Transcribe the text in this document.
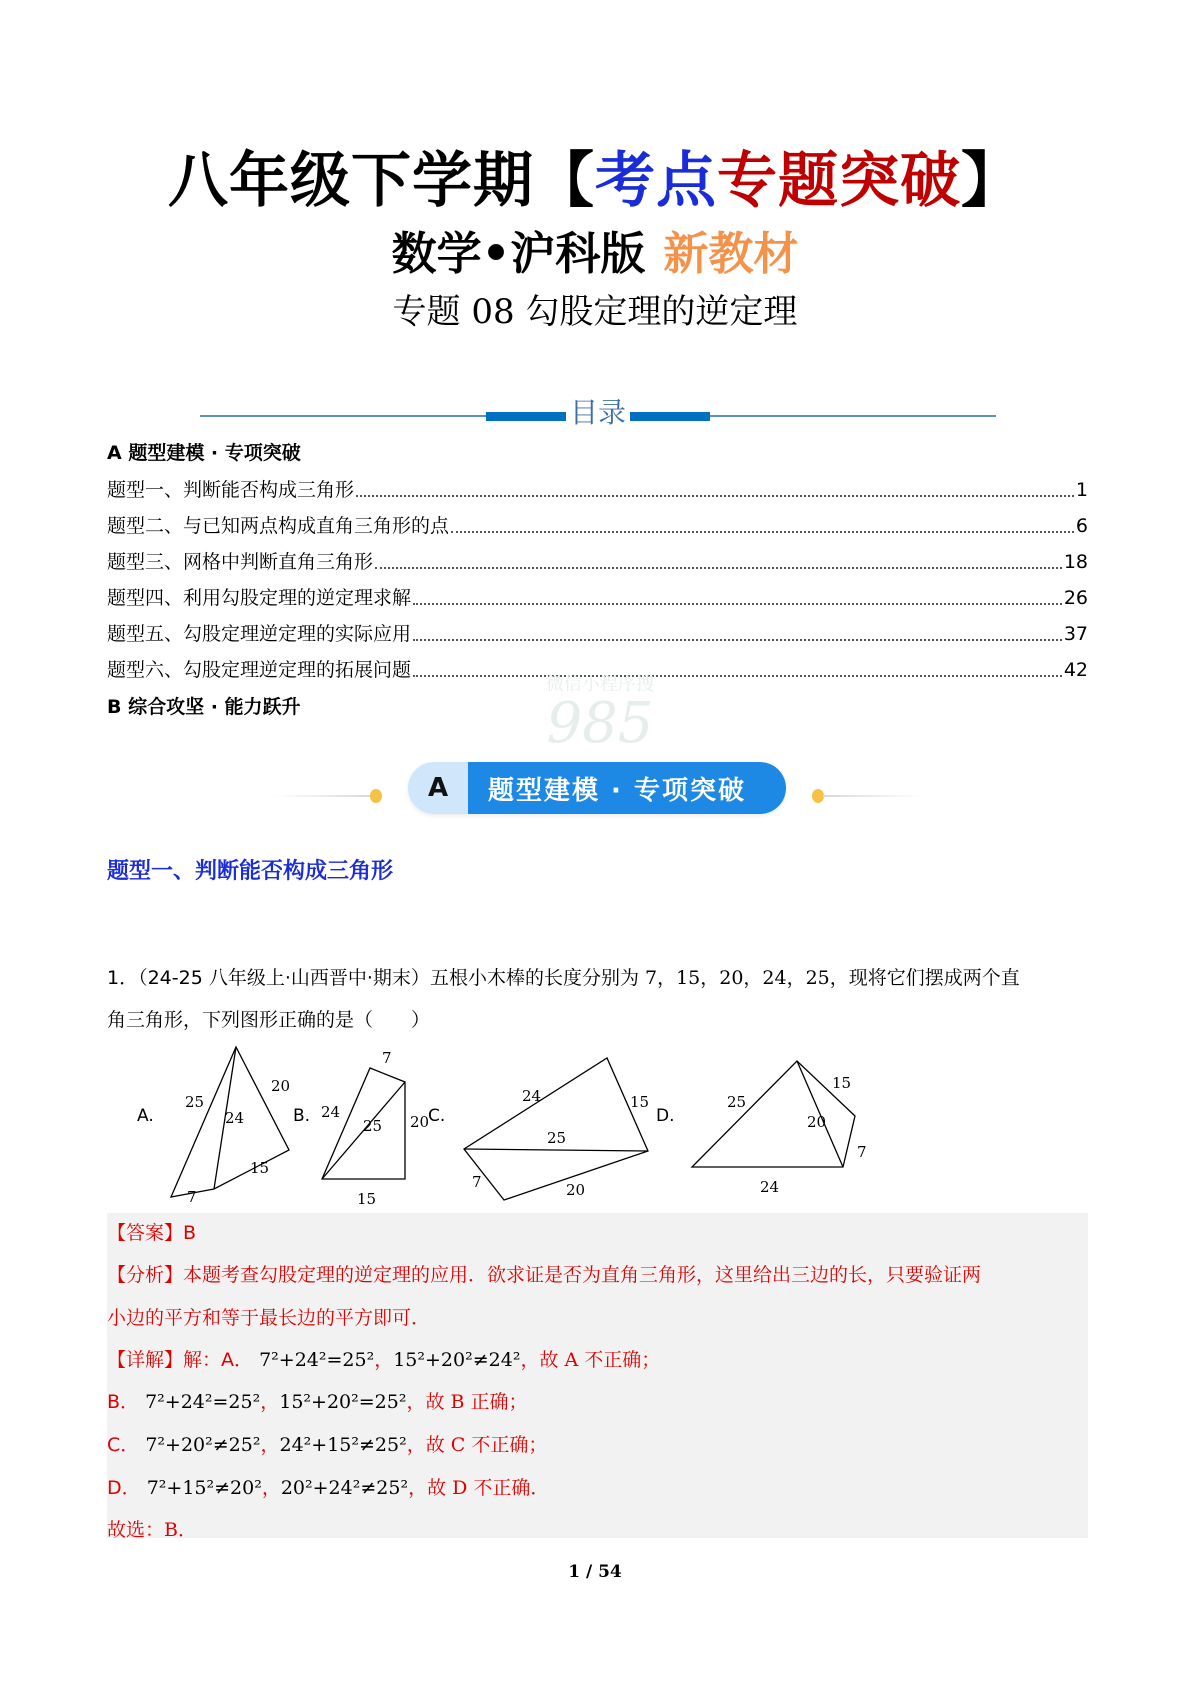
八年级下学期【考点专题突破】
数学•沪科版 新教材
专题 08 勾股定理的逆定理
目录
A 题型建模 · 专项突破
题型一、判断能否构成三角形	1
题型二、与已知两点构成直角三角形的点	6
题型三、网格中判断直角三角形	18
题型四、利用勾股定理的逆定理求解	26
题型五、勾股定理逆定理的实际应用	37
题型六、勾股定理逆定理的拓展问题	42
B 综合攻坚 · 能力跃升
微信小程序搜
985
A	题型建模 · 专项突破
题型一、判断能否构成三角形
1．（24-25 八年级上·山西晋中·期末）五根小木棒的长度分别为 7，15，20，24，25，现将它们摆成两个直
角三角形，下列图形正确的是（　　）
A.	B.	C.	D.
25
20
24
15
7
7
24
25 20
15
24	15
25
7	20
25
15
20
7
24
【答案】B
【分析】本题考查勾股定理的逆定理的应用．欲求证是否为直角三角形，这里给出三边的长，只要验证两
小边的平方和等于最长边的平方即可．
【详解】解：A． 7²+24²=25²，15²+20²≠24²，故 A 不正确；
B． 7²+24²=25²，15²+20²=25²，故 B 正确；
C． 7²+20²≠25²，24²+15²≠25²，故 C 不正确；
D． 7²+15²≠20²，20²+24²≠25²，故 D 不正确．
故选：B．
1 / 54
